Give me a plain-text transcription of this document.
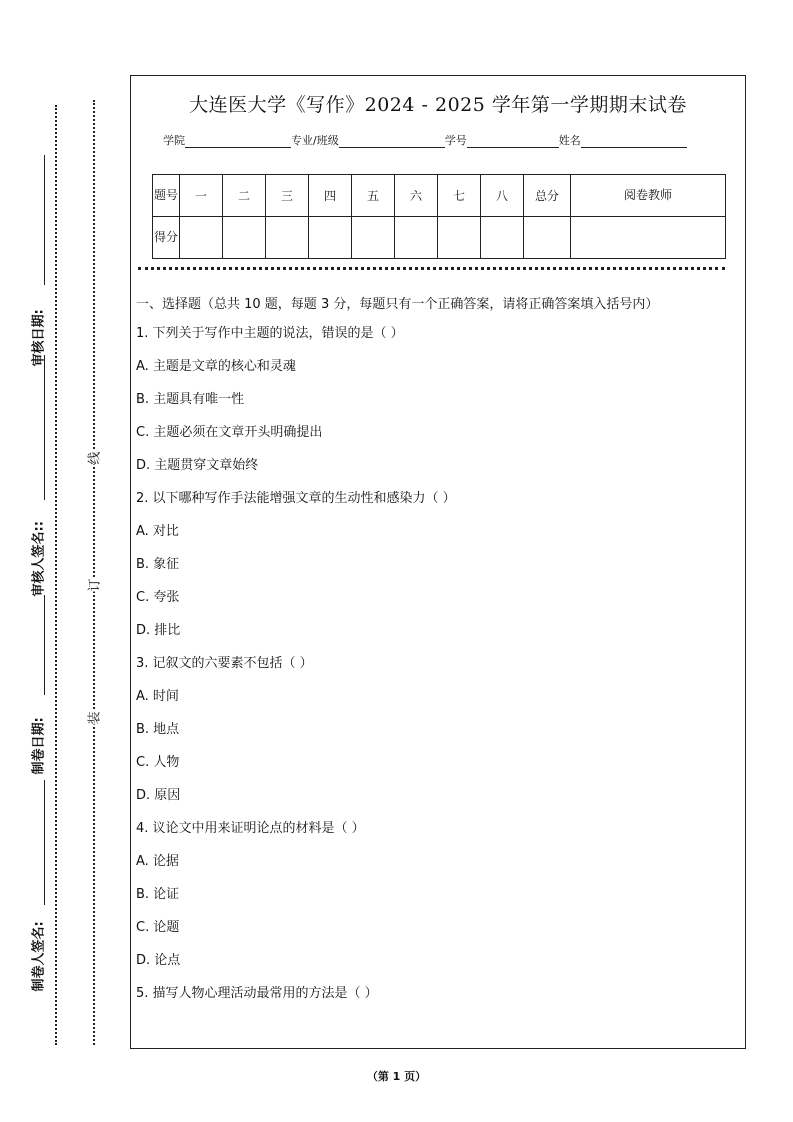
审核日期:
审核人签名::
制卷日期:
制卷人签名:
线
订
装
大连医大学《写作》2024 - 2025 学年第一学期期末试卷
学院	专业/班级	学号	姓名
题号	一	二	三	四	五	六	七	八	总分	阅卷教师
得分										

一、选择题（总共 10 题，每题 3 分，每题只有一个正确答案，请将正确答案填入括号内）

1. 下列关于写作中主题的说法，错误的是（ ）

A. 主题是文章的核心和灵魂

B. 主题具有唯一性

C. 主题必须在文章开头明确提出

D. 主题贯穿文章始终

2. 以下哪种写作手法能增强文章的生动性和感染力（ ）

A. 对比

B. 象征

C. 夸张

D. 排比

3. 记叙文的六要素不包括（ ）

A. 时间

B. 地点

C. 人物

D. 原因

4. 议论文中用来证明论点的材料是（ ）

A. 论据

B. 论证

C. 论题

D. 论点

5. 描写人物心理活动最常用的方法是（ ）

（第 1 页）
